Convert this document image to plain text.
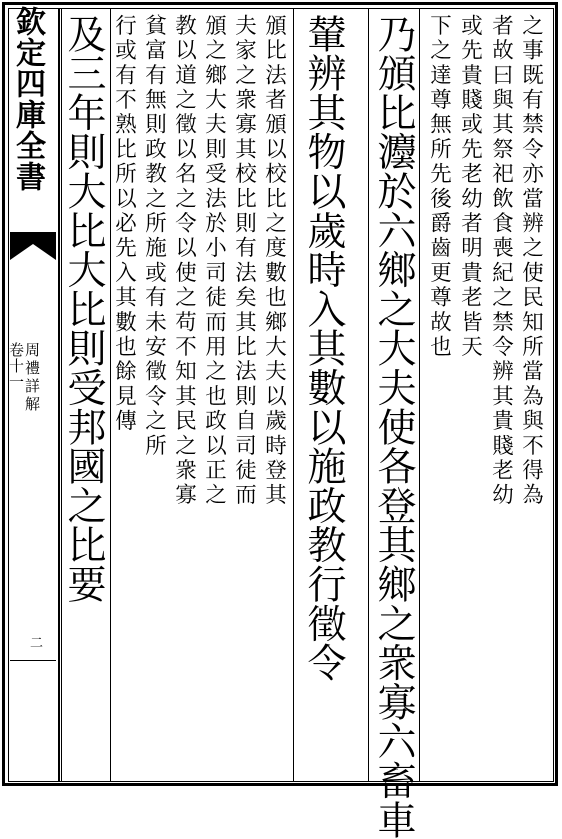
欽定四庫全書
周禮詳解
卷十一
二
之事既有禁令亦當辨之使民知所當為與不得為
者故曰與其祭祀飲食喪紀之禁令辨其貴賤老幼
或先貴賤或先老幼者明貴老皆天
下之達尊無所先後爵齒更尊故也
乃頒比灋於六鄉之大夫使各登其鄉之衆寡六畜車
輦辨其物以歲時入其數以施政教行徵令
頒比法者頒以校比之度數也鄉大夫以歲時登其
夫家之衆寡其校比則有法矣其比法則自司徒而
頒之鄉大夫則受法於小司徒而用之也政以正之
教以道之徵以名之令以使之苟不知其民之衆寡
貧富有無則政教之所施或有未安徵令之所
行或有不熟比所以必先入其數也餘見傳
及三年則大比大比則受邦國之比要
